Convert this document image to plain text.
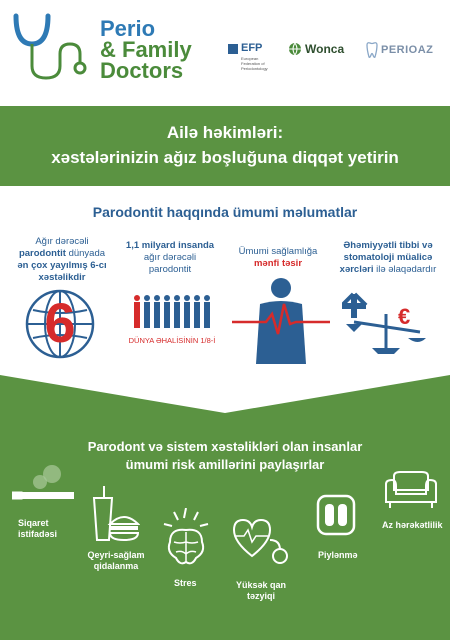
Perio
& Family
Doctors
EFP
European
Federation of
Periodontology
Wonca	PERIOAZ
Ailə həkimləri:
xəstələrinizin ağız boşluğuna diqqət yetirin
Parodontit haqqında ümumi məlumatlar
Ağır dərəcəli
parodontit dünyada
ən çox yayılmış 6-cı
xəstəlikdir
6
1,1 milyard insanda
ağır dərəcəli
parodontit
DÜNYA ƏHALİSİNİN 1/8-İ
Ümumi sağlamlığa
mənfi təsir
Əhəmiyyətli tibbi və
stomatoloji müalicə
xərcləri ilə əlaqədardır
€
Parodont və sistem xəstəlikləri olan insanlar
ümumi risk amillərini paylaşırlar
Siqaret
istifadəsi
Qeyri-sağlam
qidalanma
Stres	Yüksək qan
təzyiqi
Piylənmə
Az hərəkətlilik
